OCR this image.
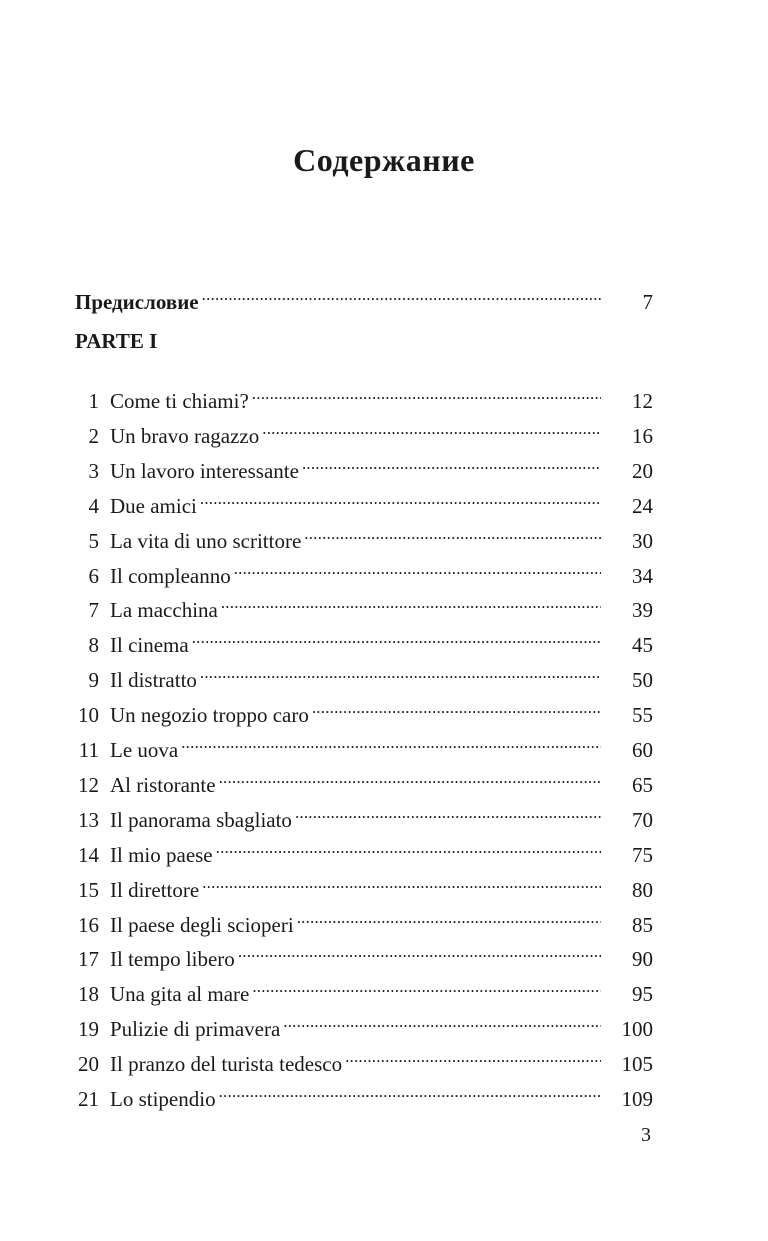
Содержание
Предисловие .....	7
PARTE I
1 Come ti chiami? .....	12
2 Un bravo ragazzo .....	16
3 Un lavoro interessante .....	20
4 Due amici .....	24
5 La vita di uno scrittore .....	30
6 Il compleanno .....	34
7 La macchina .....	39
8 Il cinema .....	45
9 Il distratto .....	50
10 Un negozio troppo caro .....	55
11 Le uova .....	60
12 Al ristorante .....	65
13 Il panorama sbagliato .....	70
14 Il mio paese .....	75
15 Il direttore .....	80
16 Il paese degli scioperi .....	85
17 Il tempo libero .....	90
18 Una gita al mare .....	95
19 Pulizie di primavera .....	100
20 Il pranzo del turista tedesco .....	105
21 Lo stipendio .....	109
3
